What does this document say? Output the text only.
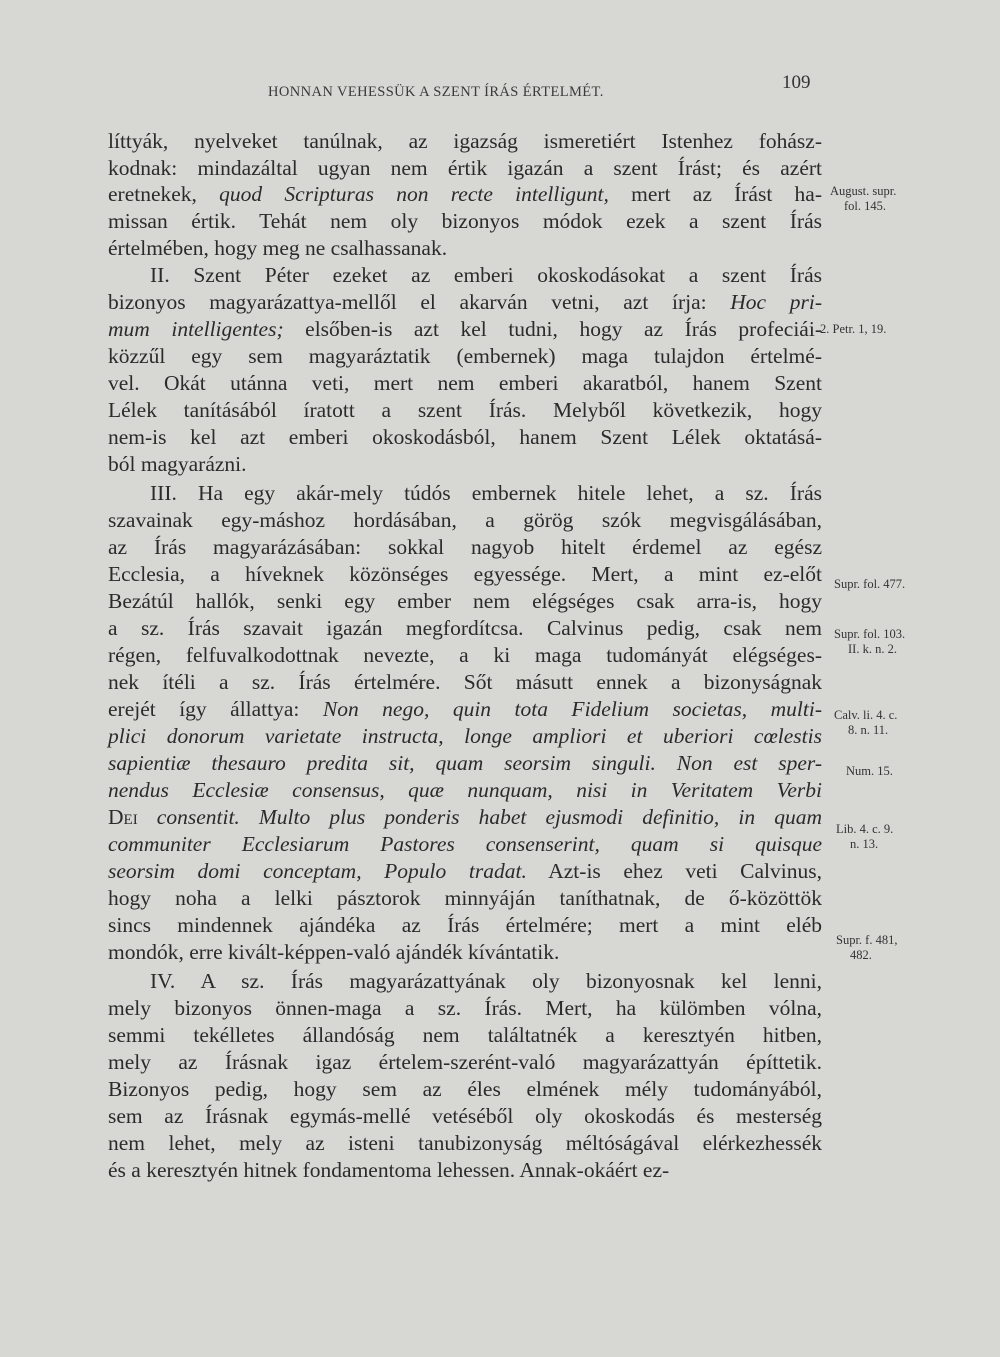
HONNAN VEHESSÜK A SZENT ÍRÁS ÉRTELMÉT.	109
líttyák, nyelveket tanúlnak, az igazság ismeretiért Istenhez fohász-
kodnak: mindazáltal ugyan nem értik igazán a szent Írást; és azért
eretnekek, quod Scripturas non recte intelligunt, mert az Írást ha-
missan értik. Tehát nem oly bizonyos módok ezek a szent Írás
értelmében, hogy meg ne csalhassanak.
II. Szent Péter ezeket az emberi okoskodásokat a szent Írás
bizonyos magyarázattya-mellől el akarván vetni, azt írja: Hoc pri-
mum intelligentes; elsőben-is azt kel tudni, hogy az Írás profeciái-
közzűl egy sem magyaráztatik (embernek) maga tulajdon értelmé-
vel. Okát utánna veti, mert nem emberi akaratból, hanem Szent
Lélek tanításából íratott a szent Írás. Melyből következik, hogy
nem-is kel azt emberi okoskodásból, hanem Szent Lélek oktatásá-
ból magyarázni.
III. Ha egy akár-mely túdós embernek hitele lehet, a sz. Írás
szavainak egy-máshoz hordásában, a görög szók megvisgálásában,
az Írás magyarázásában: sokkal nagyob hitelt érdemel az egész
Ecclesia, a híveknek közönséges egyessége. Mert, a mint ez-előt
Bezátúl hallók, senki egy ember nem elégséges csak arra-is, hogy
a sz. Írás szavait igazán megfordítcsa. Calvinus pedig, csak nem
régen, felfuvalkodottnak nevezte, a ki maga tudományát elégséges-
nek ítéli a sz. Írás értelmére. Sőt másutt ennek a bizonyságnak
erejét így állattya: Non nego, quin tota Fidelium societas, multi-
plici donorum varietate instructa, longe ampliori et uberiori cœlestis
sapientiæ thesauro predita sit, quam seorsim singuli. Non est sper-
nendus Ecclesiæ consensus, quæ nunquam, nisi in Veritatem Verbi
Dei consentit. Multo plus ponderis habet ejusmodi definitio, in quam
communiter Ecclesiarum Pastores consenserint, quam si quisque
seorsim domi conceptam, Populo tradat. Azt-is ehez veti Calvinus,
hogy noha a lelki pásztorok minnyáján taníthatnak, de ő-közöttök
sincs mindennek ajándéka az Írás értelmére; mert a mint eléb
mondók, erre kivált-képpen-való ajándék kívántatik.
IV. A sz. Írás magyarázattyának oly bizonyosnak kel lenni,
mely bizonyos önnen-maga a sz. Írás. Mert, ha külömben vólna,
semmi tekélletes állandóság nem találtatnék a keresztyén hitben,
mely az Írásnak igaz értelem-szerént-való magyarázattyán építtetik.
Bizonyos pedig, hogy sem az éles elmének mély tudományából,
sem az Írásnak egymás-mellé vetéséből oly okoskodás és mesterség
nem lehet, mely az isteni tanubizonyság méltóságával elérkezhessék
és a keresztyén hitnek fondamentoma lehessen. Annak-okáért ez-
August. supr.
fol. 145.
2. Petr. 1, 19.
Supr. fol. 477.
Supr. fol. 103.
II. k. n. 2.
Calv. li. 4. c.
8. n. 11.
Num. 15.
Lib. 4. c. 9.
n. 13.
Supr. f. 481,
482.
